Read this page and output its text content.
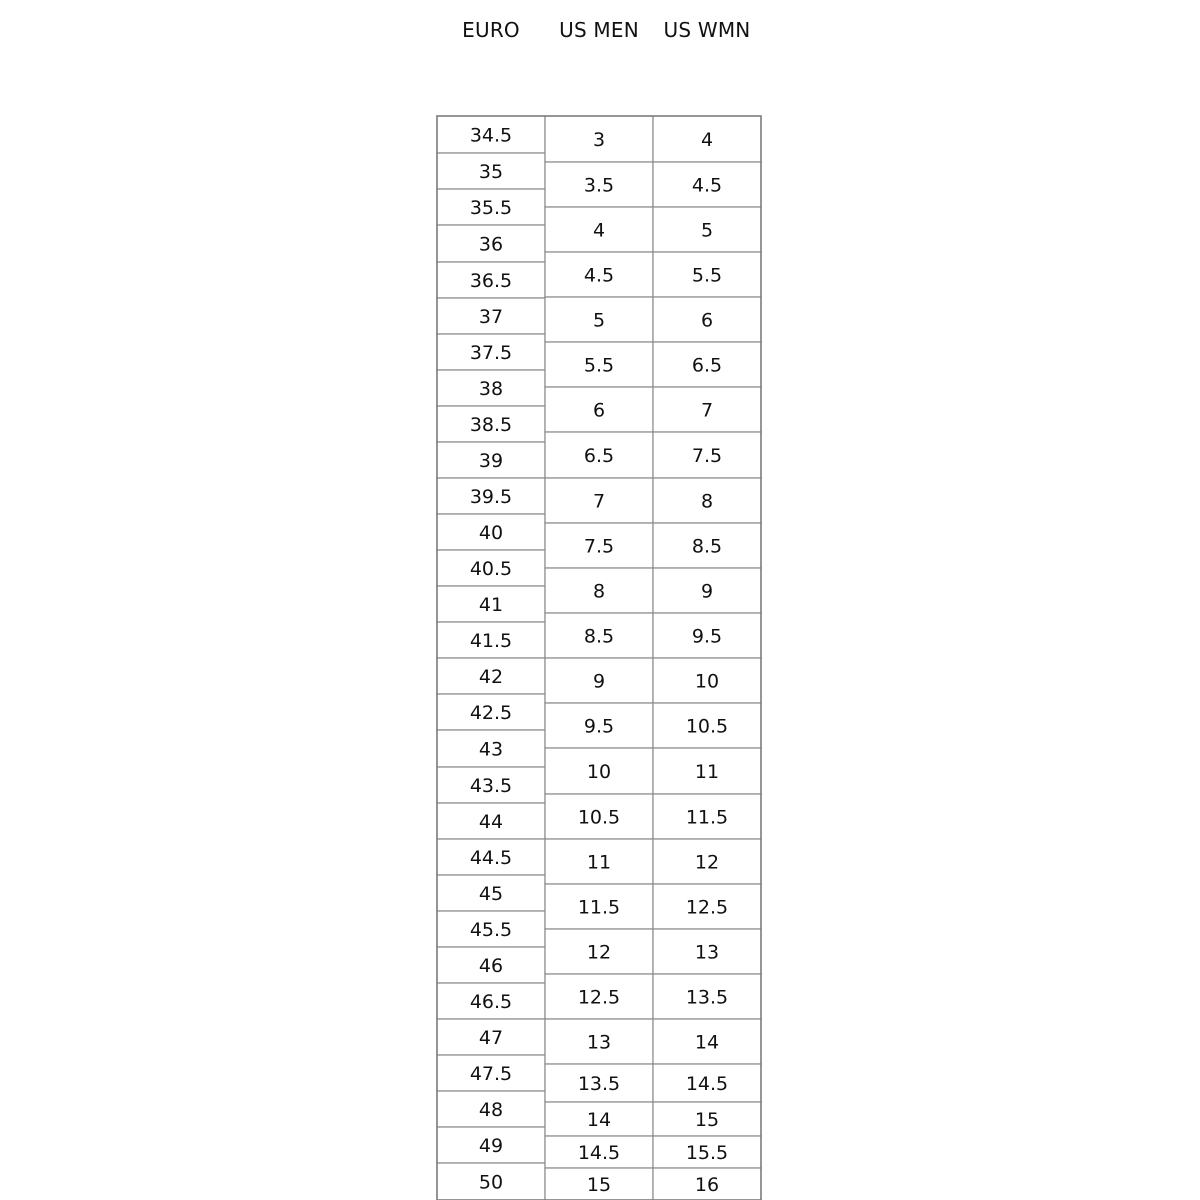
EURO US MEN US WMN
34.5
35
35.5
36
36.5
37
37.5
38
38.5
39
39.5
40
40.5
41
41.5
42
42.5
43
43.5
44
44.5
45
45.5
46
46.5
47
47.5
48
49
50
3
3.5
4
4.5
5
5.5
6
6.5
7
7.5
8
8.5
9
9.5
10
10.5
11
11.5
12
12.5
13
13.5
14
14.5
15
4
4.5
5
5.5
6
6.5
7
7.5
8
8.5
9
9.5
10
10.5
11
11.5
12
12.5
13
13.5
14
14.5
15
15.5
16
